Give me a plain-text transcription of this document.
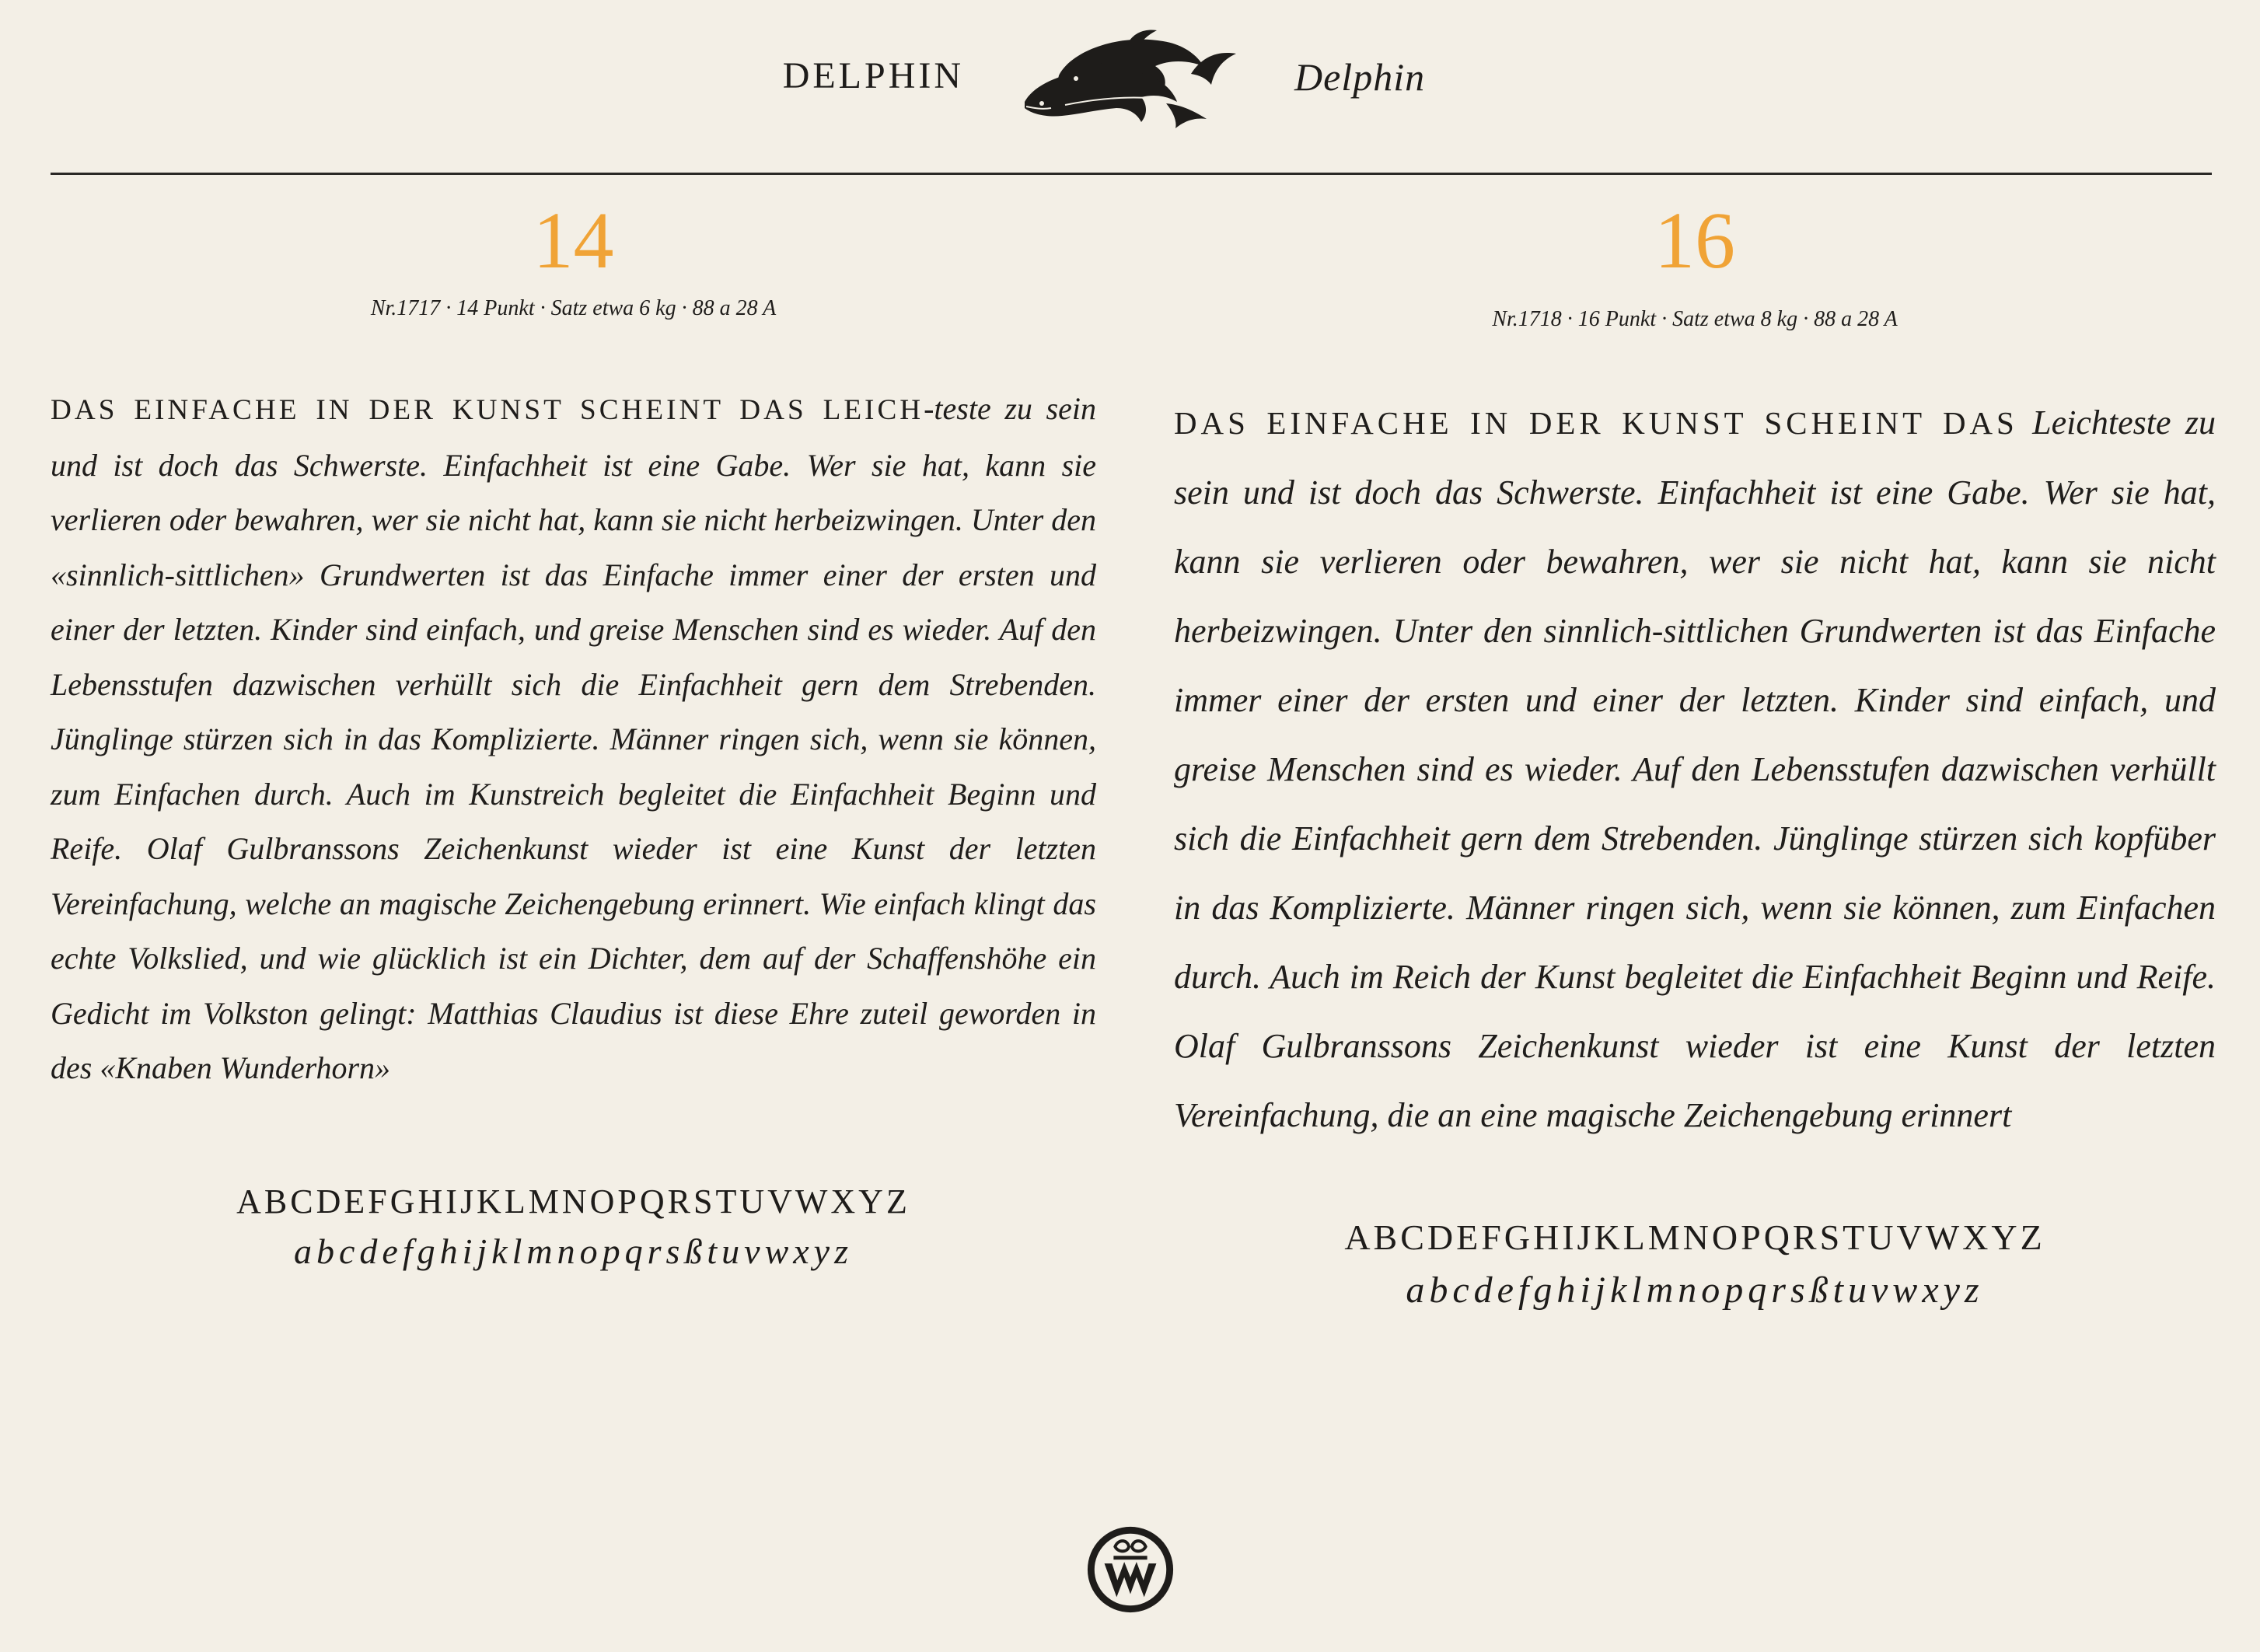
DELPHIN	Delphin
14
Nr.1717 · 14 Punkt · Satz etwa 6 kg · 88 a 28 A
DAS EINFACHE IN DER KUNST SCHEINT DAS LEICH-teste zu sein und ist doch das Schwerste. Einfachheit ist eine Gabe. Wer sie hat, kann sie verlieren oder bewahren, wer sie nicht hat, kann sie nicht herbeizwingen. Unter den «sinnlich-sittlichen» Grundwerten ist das Einfache immer einer der ersten und einer der letzten. Kinder sind einfach, und greise Menschen sind es wieder. Auf den Lebensstufen dazwischen verhüllt sich die Einfachheit gern dem Strebenden. Jünglinge stürzen sich in das Komplizierte. Männer ringen sich, wenn sie können, zum Einfachen durch. Auch im Kunstreich begleitet die Einfachheit Beginn und Reife. Olaf Gulbranssons Zeichenkunst wieder ist eine Kunst der letzten Vereinfachung, welche an magische Zeichengebung erinnert. Wie einfach klingt das echte Volkslied, und wie glücklich ist ein Dichter, dem auf der Schaffenshöhe ein Gedicht im Volkston gelingt: Matthias Claudius ist diese Ehre zuteil geworden in des «Knaben Wunderhorn»
ABCDEFGHIJKLMNOPQRSTUVWXYZ
abcdefghijklmnopqrsßtuvwxyz
16
Nr.1718 · 16 Punkt · Satz etwa 8 kg · 88 a 28 A
DAS EINFACHE IN DER KUNST SCHEINT DAS Leichteste zu sein und ist doch das Schwerste. Einfachheit ist eine Gabe. Wer sie hat, kann sie verlieren oder bewahren, wer sie nicht hat, kann sie nicht herbeizwingen. Unter den sinnlich-sittlichen Grundwerten ist das Einfache immer einer der ersten und einer der letzten. Kinder sind einfach, und greise Menschen sind es wieder. Auf den Lebensstufen dazwischen verhüllt sich die Einfachheit gern dem Strebenden. Jünglinge stürzen sich kopfüber in das Komplizierte. Männer ringen sich, wenn sie können, zum Einfachen durch. Auch im Reich der Kunst begleitet die Einfachheit Beginn und Reife. Olaf Gulbranssons Zeichenkunst wieder ist eine Kunst der letzten Vereinfachung, die an eine magische Zeichengebung erinnert
ABCDEFGHIJKLMNOPQRSTUVWXYZ
abcdefghijklmnopqrsßtuvwxyz
